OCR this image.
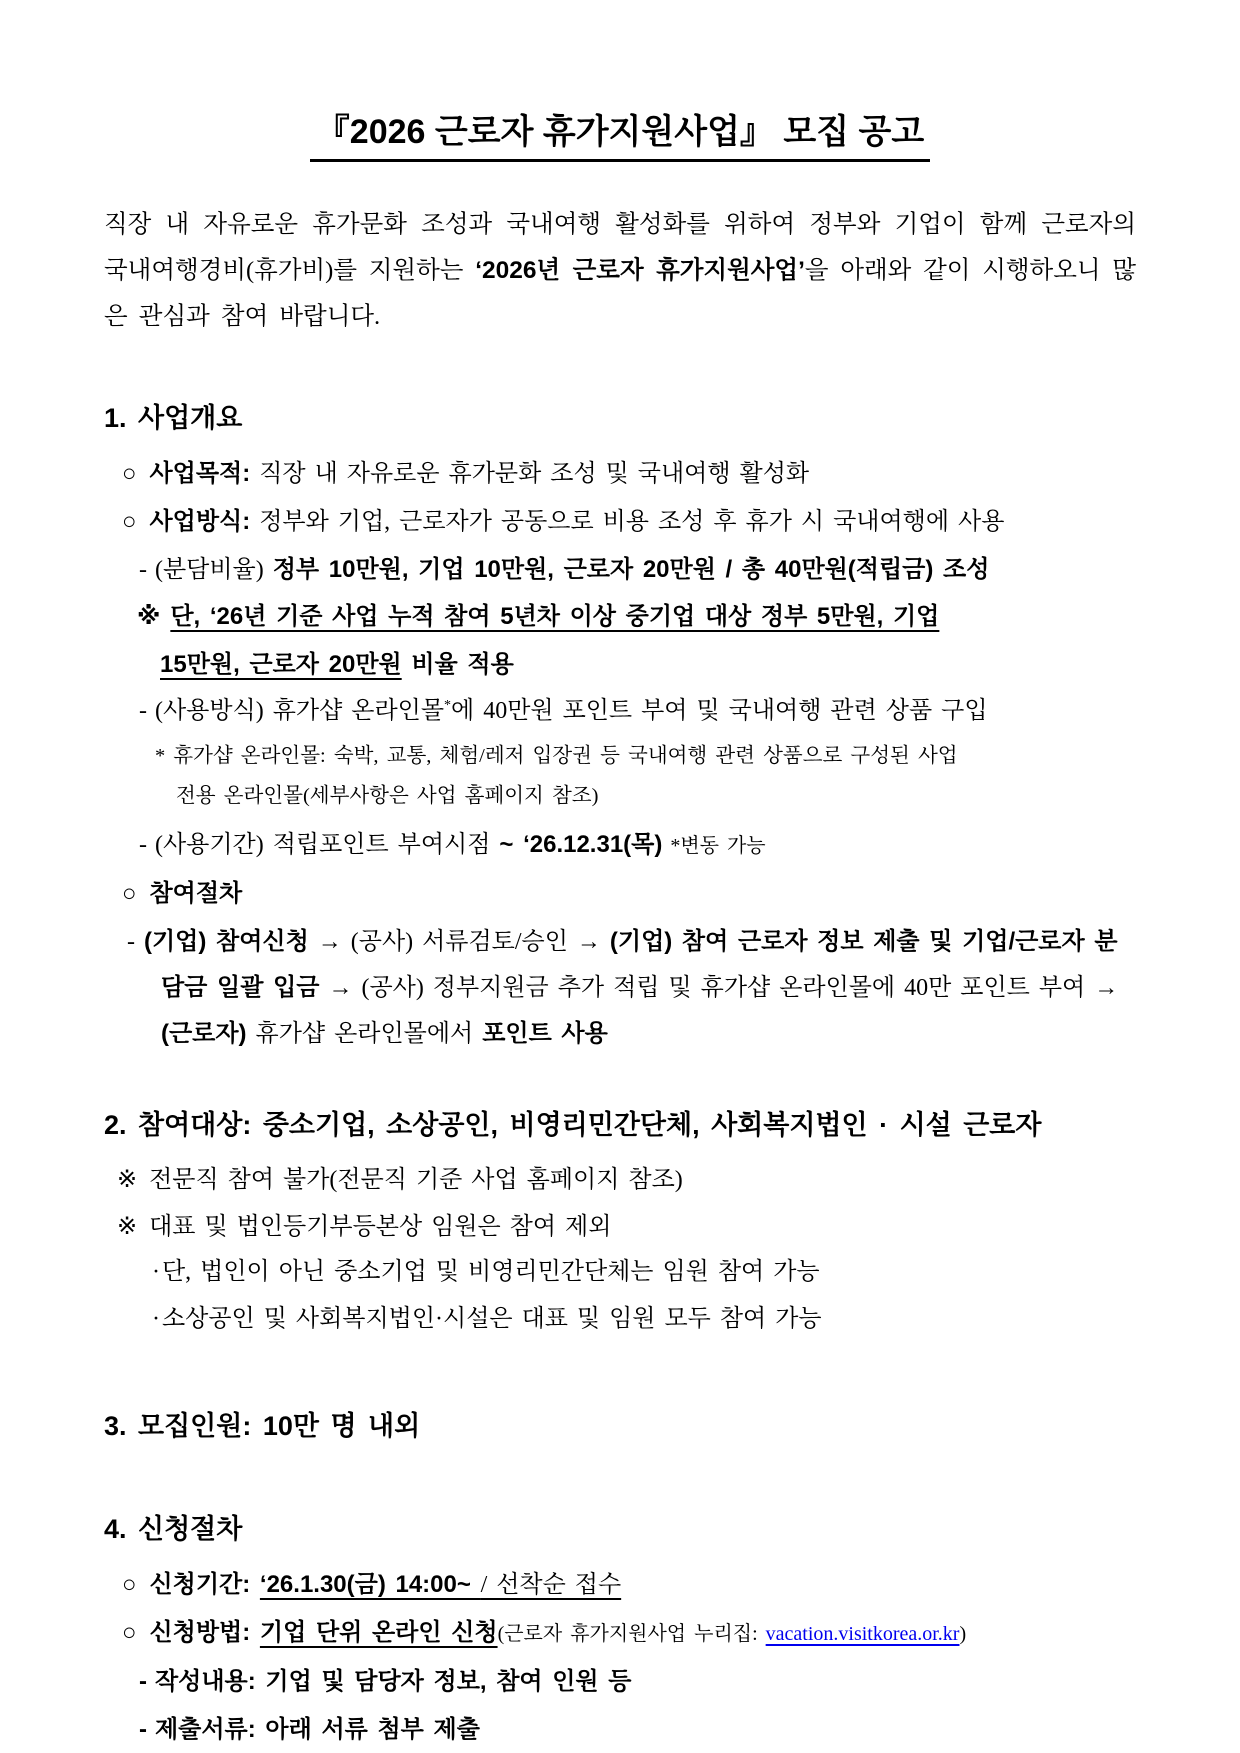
『2026 근로자 휴가지원사업』 모집 공고

직장 내 자유로운 휴가문화 조성과 국내여행 활성화를 위하여 정부와 기업이 함께 근로자의 국내여행경비(휴가비)를 지원하는 ‘2026년 근로자 휴가지원사업’을 아래와 같이 시행하오니 많은 관심과 참여 바랍니다.

1. 사업개요
○ 사업목적: 직장 내 자유로운 휴가문화 조성 및 국내여행 활성화
○ 사업방식: 정부와 기업, 근로자가 공동으로 비용 조성 후 휴가 시 국내여행에 사용
- (분담비율) 정부 10만원, 기업 10만원, 근로자 20만원 / 총 40만원(적립금) 조성
※ 단, ‘26년 기준 사업 누적 참여 5년차 이상 중기업 대상 정부 5만원, 기업
15만원, 근로자 20만원 비율 적용
- (사용방식) 휴가샵 온라인몰*에 40만원 포인트 부여 및 국내여행 관련 상품 구입
* 휴가샵 온라인몰: 숙박, 교통, 체험/레저 입장권 등 국내여행 관련 상품으로 구성된 사업
전용 온라인몰(세부사항은 사업 홈페이지 참조)
- (사용기간) 적립포인트 부여시점 ~ ‘26.12.31(목) *변동 가능
○ 참여절차
- (기업) 참여신청 → (공사) 서류검토/승인 → (기업) 참여 근로자 정보 제출 및 기업/근로자 분담금 일괄 입금 → (공사) 정부지원금 추가 적립 및 휴가샵 온라인몰에 40만 포인트 부여 → (근로자) 휴가샵 온라인몰에서 포인트 사용
2. 참여대상: 중소기업, 소상공인, 비영리민간단체, 사회복지법인 · 시설 근로자
※ 전문직 참여 불가(전문직 기준 사업 홈페이지 참조)
※ 대표 및 법인등기부등본상 임원은 참여 제외
·단, 법인이 아닌 중소기업 및 비영리민간단체는 임원 참여 가능
·소상공인 및 사회복지법인·시설은 대표 및 임원 모두 참여 가능
3. 모집인원: 10만 명 내외
4. 신청절차
○ 신청기간: ‘26.1.30(금) 14:00~ / 선착순 접수
○ 신청방법: 기업 단위 온라인 신청(근로자 휴가지원사업 누리집: vacation.visitkorea.or.kr)
- 작성내용: 기업 및 담당자 정보, 참여 인원 등
- 제출서류: 아래 서류 첨부 제출
